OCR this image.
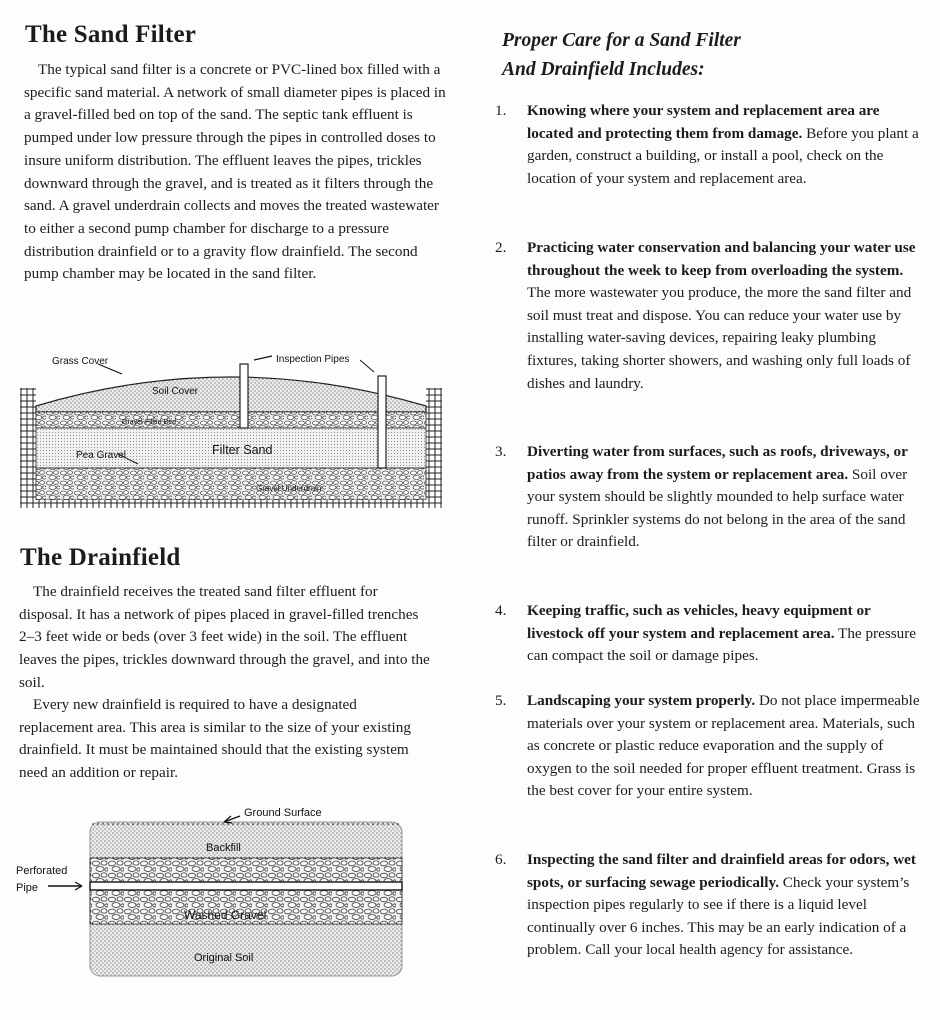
The Sand Filter

The typical sand filter is a concrete or PVC-lined box filled with a specific sand material. A network of small diameter pipes is placed in a gravel-filled bed on top of the sand. The septic tank effluent is pumped under low pressure through the pipes in controlled doses to insure uniform distribution. The effluent leaves the pipes, trickles downward through the gravel, and is treated as it filters through the sand. A gravel underdrain collects and moves the treated wastewater to either a second pump chamber for discharge to a pressure distribution drainfield or to a gravity flow drainfield. The second pump chamber may be located in the sand filter.

Grass Cover	Inspection Pipes
Soil Cover
Gravel-Filled Bed
Filter Sand
Pea Gravel
Gravel Underdrain
The Drainfield

The drainfield receives the treated sand filter effluent for disposal. It has a network of pipes placed in gravel-filled trenches 2–3 feet wide or beds (over 3 feet wide) in the soil. The effluent leaves the pipes, trickles downward through the gravel, and into the soil.

Every new drainfield is required to have a designated replacement area. This area is similar to the size of your existing drainfield. It must be maintained should that the existing system need an addition or repair.

Ground Surface
Backfill
Perforated
Pipe
Washed Gravel
Original Soil

Proper Care for a Sand Filter

And Drainfield Includes:

1. Knowing where your system and replacement area are located and protecting them from damage. Before you plant a garden, construct a building, or install a pool, check on the location of your system and replacement area.
2. Practicing water conservation and balancing your water use throughout the week to keep from overloading the system. The more wastewater you produce, the more the sand filter and soil must treat and dispose. You can reduce your water use by installing water-saving devices, repairing leaky plumbing fixtures, taking shorter showers, and washing only full loads of dishes and laundry.
3. Diverting water from surfaces, such as roofs, driveways, or patios away from the system or replacement area. Soil over your system should be slightly mounded to help surface water runoff. Sprinkler systems do not belong in the area of the sand filter or drainfield.
4. Keeping traffic, such as vehicles, heavy equipment or livestock off your system and replacement area. The pressure can compact the soil or damage pipes.
5. Landscaping your system properly. Do not place impermeable materials over your system or replacement area. Materials, such as concrete or plastic reduce evaporation and the supply of oxygen to the soil needed for proper effluent treatment. Grass is the best cover for your entire system.
6. Inspecting the sand filter and drainfield areas for odors, wet spots, or surfacing sewage periodically. Check your system’s inspection pipes regularly to see if there is a liquid level continually over 6 inches. This may be an early indication of a problem. Call your local health agency for assistance.
